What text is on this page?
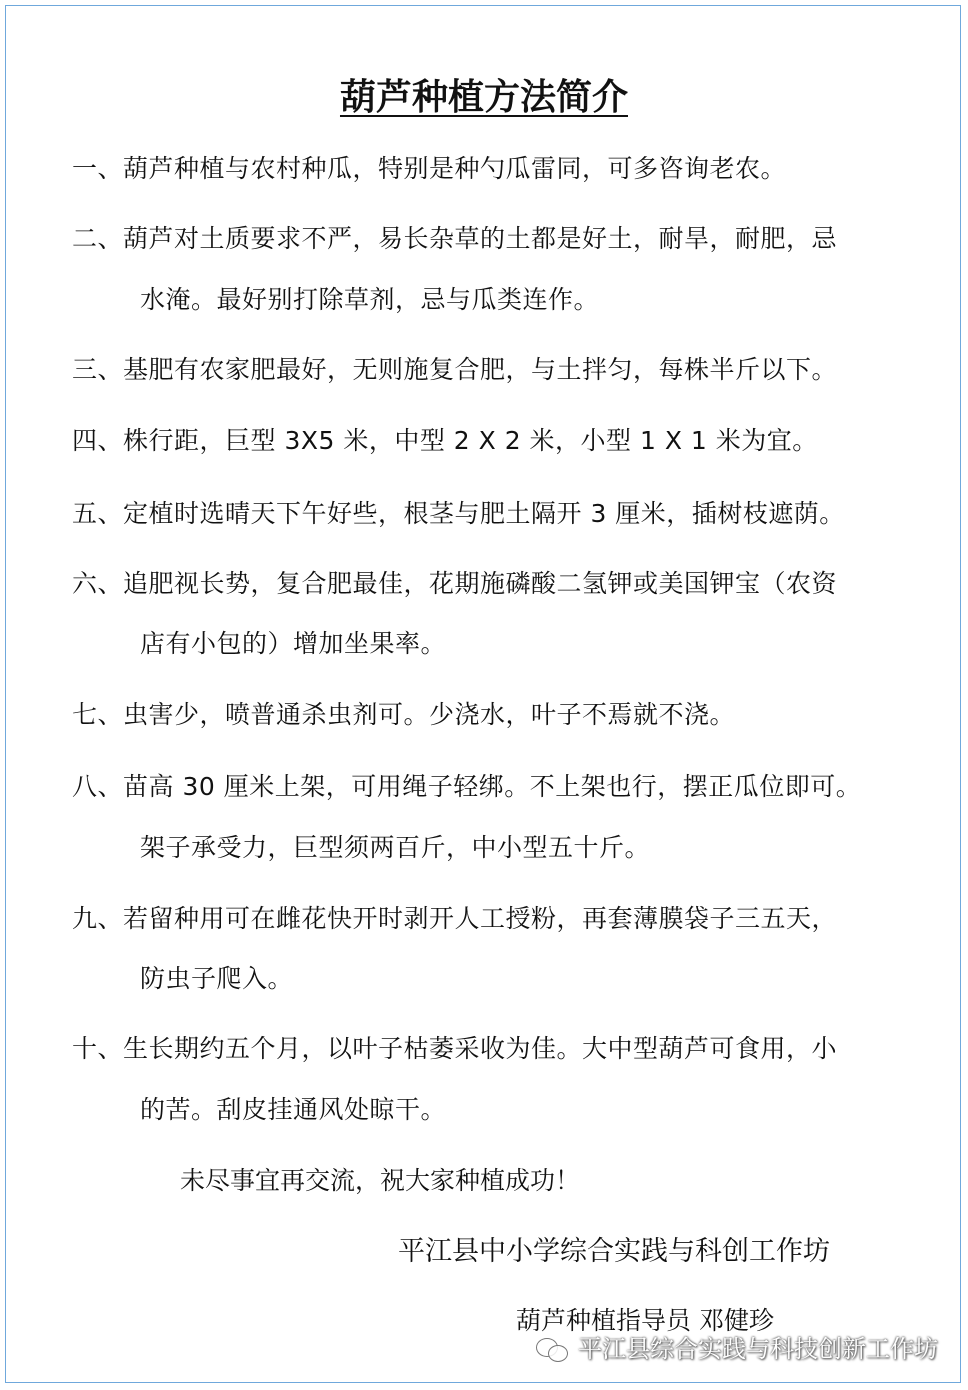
葫芦种植方法简介
一、葫芦种植与农村种瓜，特别是种勺瓜雷同，可多咨询老农。
二、葫芦对土质要求不严，易长杂草的土都是好土，耐旱，耐肥，忌
水淹。最好别打除草剂，忌与瓜类连作。
三、基肥有农家肥最好，无则施复合肥，与土拌匀，每株半斤以下。
四、株行距，巨型 3X5 米，中型 2 X 2 米，小型 1 X 1 米为宜。
五、定植时选晴天下午好些，根茎与肥土隔开 3 厘米，插树枝遮荫。
六、追肥视长势，复合肥最佳，花期施磷酸二氢钾或美国钾宝（农资
店有小包的）增加坐果率。
七、虫害少，喷普通杀虫剂可。少浇水，叶子不焉就不浇。
八、苗高 30 厘米上架，可用绳子轻绑。不上架也行，摆正瓜位即可。
架子承受力，巨型须两百斤，中小型五十斤。
九、若留种用可在雌花快开时剥开人工授粉，再套薄膜袋子三五天，
防虫子爬入。
十、生长期约五个月，以叶子枯萎采收为佳。大中型葫芦可食用，小
的苦。刮皮挂通风处晾干。
未尽事宜再交流，祝大家种植成功！
平江县中小学综合实践与科创工作坊
葫芦种植指导员 邓健珍
平江县综合实践与科技创新工作坊
